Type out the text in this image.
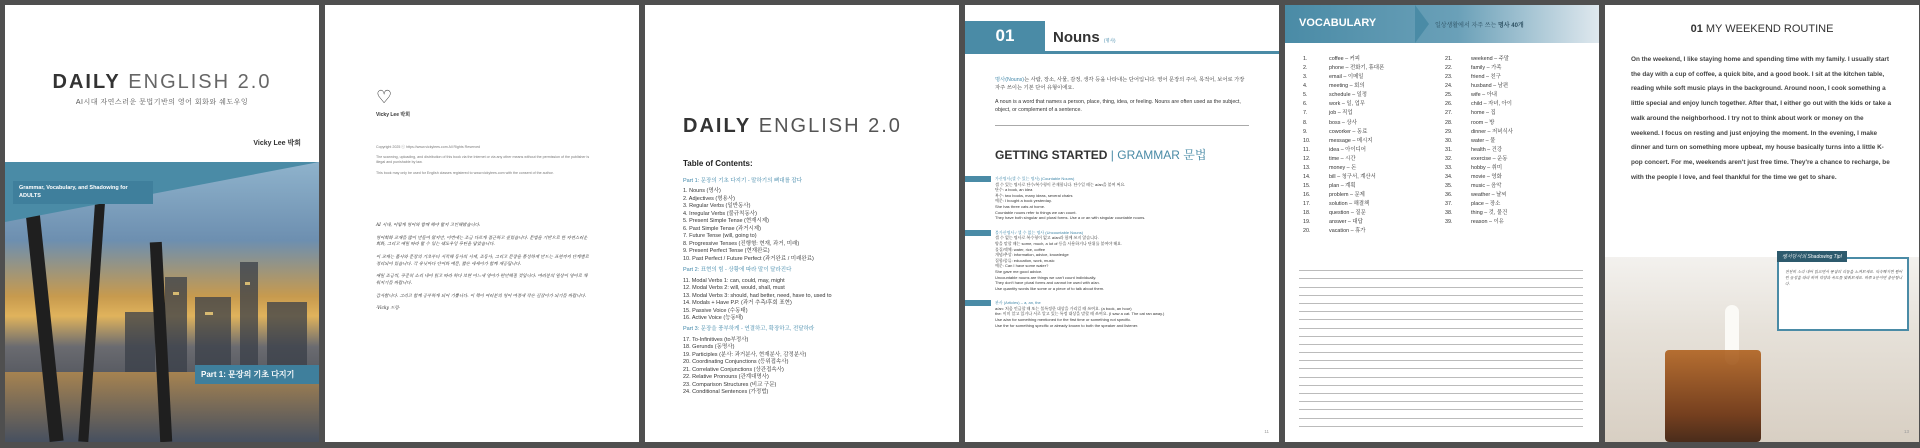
DAILY ENGLISH 2.0
AI시대 자연스러운 문법기반의 영어 회화와 쉐도우잉
Vicky Lee 박희
Grammar, Vocabulary, and Shadowing for ADULTS
Part 1: 문장의 기초 다지기
♡
Vicky Lee 박희

Copyright 2025 ⓒ https://www.vickylees.com All Rights Reserved

The scanning, uploading, and distribution of this book via the Internet or via any other means without the permission of the publisher is illegal and punishable by law.

This book may only be used for English classes registered to www.vickylees.com with the consent of the author.

AI 시대, 어떻게 영어와 함께 해야 할지 고민해봤습니다.

영어회화 교재를 많이 만들어 왔지만, 이번에는 조금 다르게 접근하고 싶었습니다. 문법을 기반으로 한 자연스러운 회화, 그리고 매일 따라 할 수 있는 쉐도우잉 루틴을 담았습니다.

이 교재는 품사와 문장의 기초부터 시작해 동사의 시제, 조동사, 그리고 문장을 풍성하게 만드는 표현까지 단계별로 정리되어 있습니다. 각 유닛마다 단어와 예문, 짧은 에세이가 함께 제공됩니다.

매일 조금씩, 꾸준히 소리 내어 읽고 따라 하다 보면 어느새 영어가 편안해질 것입니다. 여러분의 일상이 영어로 채워지기를 바랍니다.

감사합니다. 그리고 함께 공부하게 되어 기쁩니다. 이 책이 여러분의 영어 여정에 작은 길잡이가 되기를 바랍니다.

-Vicky 드림-

DAILY ENGLISH 2.0
Table of Contents:
Part 1: 문장의 기초 다지기 - 말하기의 뼈대를 잡다
1. Nouns (명사)
2. Adjectives (형용사)
3. Regular Verbs (일반동사)
4. Irregular Verbs (불규칙동사)
5. Present Simple Tense (현재시제)
6. Past Simple Tense (과거시제)
7. Future Tense (will, going to)
8. Progressive Tenses (진행형: 현재, 과거, 미래)
9. Present Perfect Tense (현재완료)
10. Past Perfect / Future Perfect (과거완료 / 미래완료)
Part 2: 표현의 힘 - 상황에 따라 말이 달라진다
11. Modal Verbs 1: can, could, may, might
12. Modal Verbs 2: will, would, shall, must
13. Modal Verbs 3: should, had better, need, have to, used to
14. Modals + Have P.P. (과거 추측/후회 표현)
15. Passive Voice (수동태)
16. Active Voice (능동태)
Part 3: 문장을 풍부하게 - 연결하고, 확장하고, 전달하라
17. To-Infinitives (to부정사)
18. Gerunds (동명사)
19. Participles (분사: 과거분사, 현재분사, 감정분사)
20. Coordinating Conjunctions (등위접속사)
21. Correlative Conjunctions (상관접속사)
22. Relative Pronouns (관계대명사)
23. Comparison Structures (비교 구문)
24. Conditional Sentences (가정법)
01	Nouns (명사)

명사(Nouns)는 사람, 장소, 사물, 감정, 생각 등을 나타내는 단어입니다. 영어 문장의 주어, 목적어, 보어로 가장 자주 쓰이는 기본 단어 유형이에요.

A noun is a word that names a person, place, thing, idea, or feeling. Nouns are often used as the subject, object, or complement of a sentence.

GETTING STARTED | GRAMMAR 문법
가산명사(셀 수 있는 명사) (Countable Nouns)
셀 수 있는 명사로 단수/복수형이 존재합니다. 단수일 때는 a/an을 붙여 써요.
단수: a book, an idea
복수: two books, many ideas, several chairs
예문: I bought a book yesterday.
She has three cats at home.
Countable nouns refer to things we can count.
They have both singular and plural forms. Use a or an with singular countable nouns.
불가산명사 / 셀 수 없는 명사 (Uncountable Nouns)
셀 수 없는 명사로 복수형이 없고 a/an과 함께 쓰지 않습니다.
양을 말할 때는 some, much, a lot of 등을 사용하거나 단위를 붙여야 해요.
물질/액체: water, rice, coffee
개념/추상: information, advice, knowledge
집합/종류: education, work, music
예문: Can I have some water?
She gave me good advice.
Uncountable nouns are things we can't count individually.
They don't have plural forms and cannot be used with a/an.
Use quantity words like some or a piece of to talk about them.
관사 (Articles) – a, an, the
a/an: 처음 언급할 때 또는 불특정한 대상을 가리킬 때 쓰여요. (a book, an hour)
the: 이미 알고 있거나 서로 알고 있는 특정 대상을 말할 때 쓰여요. (I saw a cat. The cat ran away.)
Use a/an for something mentioned for the first time or something not specific.
Use the for something specific or already known to both the speaker and listener.
11
VOCABULARY	일상생활에서 자주 쓰는 명사 40개
1.	coffee – 커피
2.	phone – 전화기, 휴대폰
3.	email – 이메일
4.	meeting – 회의
5.	schedule – 일정
6.	work – 일, 업무
7.	job – 직업
8.	boss – 상사
9.	coworker – 동료
10.	message – 메시지
11.	idea – 아이디어
12.	time – 시간
13.	money – 돈
14.	bill – 청구서, 계산서
15.	plan – 계획
16.	problem – 문제
17.	solution – 해결책
18.	question – 질문
19.	answer – 대답
20.	vacation – 휴가
21.	weekend – 주말
22.	family – 가족
23.	friend – 친구
24.	husband – 남편
25.	wife – 아내
26.	child – 자녀, 아이
27.	home – 집
28.	room – 방
29.	dinner – 저녁식사
30.	water – 물
31.	health – 건강
32.	exercise – 운동
33.	hobby – 취미
34.	movie – 영화
35.	music – 음악
36.	weather – 날씨
37.	place – 장소
38.	thing – 것, 물건
39.	reason – 이유
01 MY WEEKEND ROUTINE
On the weekend, I like staying home and spending time with my family. I usually start the day with a cup of coffee, a quick bite, and a good book. I sit at the kitchen table, reading while soft music plays in the background. Around noon, I cook something a little special and enjoy lunch together. After that, I either go out with the kids or take a walk around the neighborhood. I try not to think about work or money on the weekend. I focus on resting and just enjoying the moment. In the evening, I make dinner and turn on something more upbeat, my house basically turns into a little K-pop concert. For me, weekends aren't just free time. They're a chance to recharge, be with the people I love, and feel thankful for the time we get to share.
쌤서당서의 Shadowing Tip!
천천히 소리 내어 읽으면서 문장의 리듬을 느껴보세요. 익숙해지면 원어민 음성을 따라 하며 억양과 속도를 맞춰보세요. 하루 5분이면 충분합니다.
13
